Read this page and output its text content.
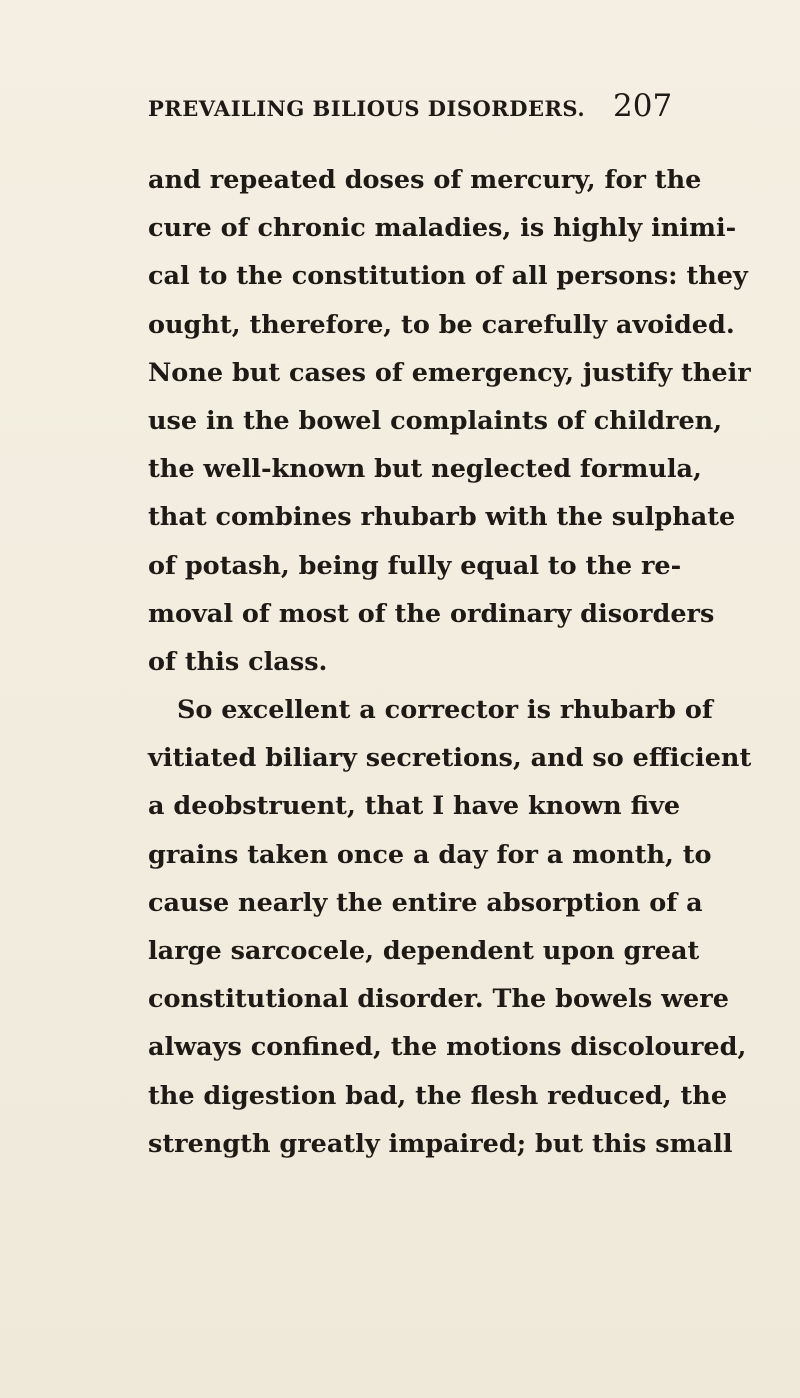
PREVAILING BILIOUS DISORDERS. 207
and repeated doses of mercury, for the
cure of chronic maladies, is highly inimi-
cal to the constitution of all persons: they
ought, therefore, to be carefully avoided.
None but cases of emergency, justify their
use in the bowel complaints of children,
the well-known but neglected formula,
that combines rhubarb with the sulphate
of potash, being fully equal to the re-
moval of most of the ordinary disorders
of this class.
So excellent a corrector is rhubarb of
vitiated biliary secretions, and so efficient
a deobstruent, that I have known five
grains taken once a day for a month, to
cause nearly the entire absorption of a
large sarcocele, dependent upon great
constitutional disorder. The bowels were
always confined, the motions discoloured,
the digestion bad, the flesh reduced, the
strength greatly impaired; but this small
